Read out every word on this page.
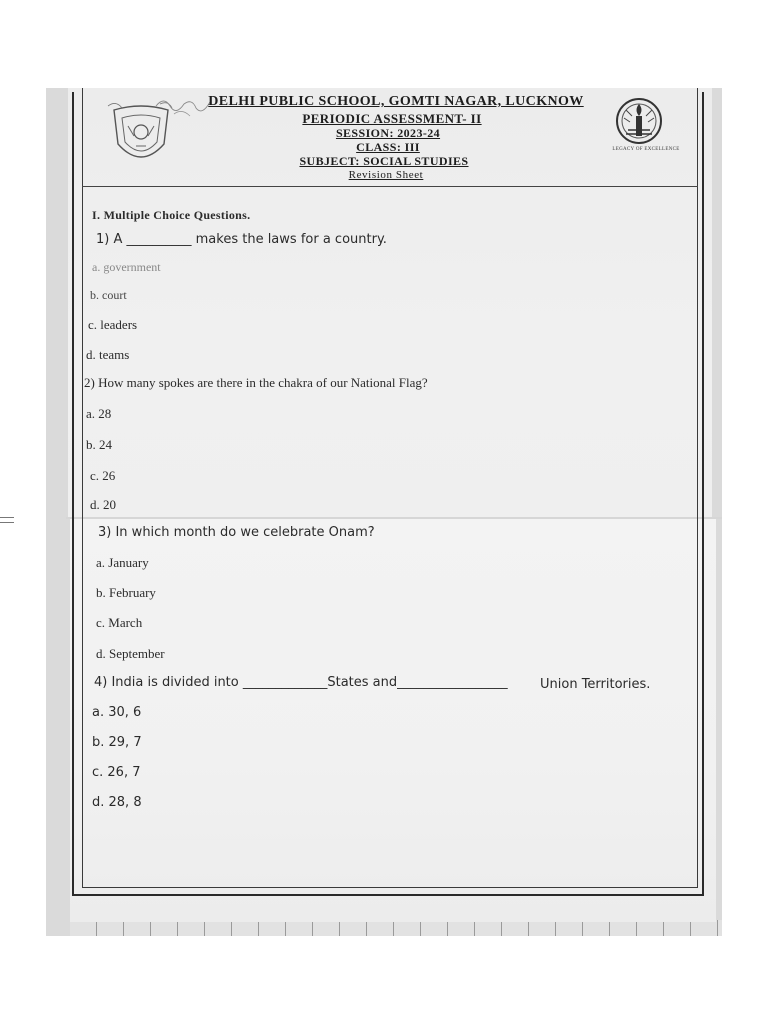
DELHI PUBLIC SCHOOL, GOMTI NAGAR, LUCKNOW
PERIODIC ASSESSMENT- II
SESSION: 2023-24
CLASS: III
SUBJECT: SOCIAL STUDIES
Revision Sheet
LEGACY OF EXCELLENCE
I. Multiple Choice Questions.
1) A __________ makes the laws for a country.
a. government
b. court
c. leaders
d. teams
2) How many spokes are there in the chakra of our National Flag?
a. 28
b. 24
c. 26
d. 20
3) In which month do we celebrate Onam?
a. January
b. February
c. March
d. September
4) India is divided into _____________States and_________________ Union Territories.
a. 30, 6
b. 29, 7
c. 26, 7
d. 28, 8
